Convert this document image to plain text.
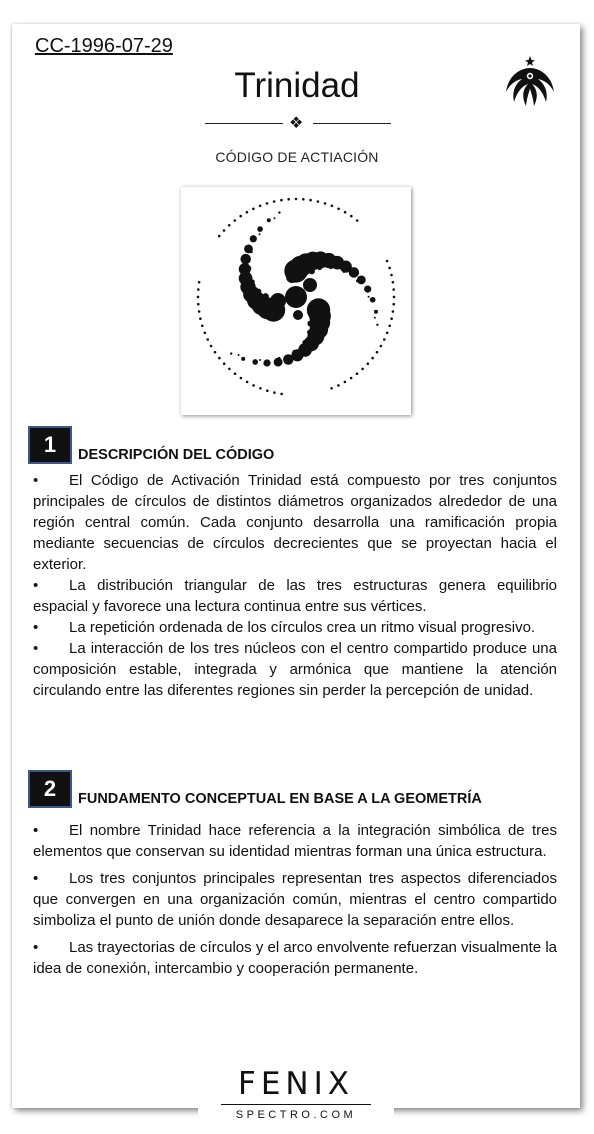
CC-1996-07-29
Trinidad
❖
CÓDIGO DE ACTIACIÓN
1	DESCRIPCIÓN DEL CÓDIGO

• El Código de Activación Trinidad está compuesto por tres conjuntos principales de círculos de distintos diámetros organizados alrededor de una región central común. Cada conjunto desarrolla una ramificación propia mediante secuencias de círculos decrecientes que se proyectan hacia el exterior.

• La distribución triangular de las tres estructuras genera equilibrio espacial y favorece una lectura continua entre sus vértices.

• La repetición ordenada de los círculos crea un ritmo visual progresivo.

• La interacción de los tres núcleos con el centro compartido produce una composición estable, integrada y armónica que mantiene la atención circulando entre las diferentes regiones sin perder la percepción de unidad.

2	FUNDAMENTO CONCEPTUAL EN BASE A LA GEOMETRÍA

• El nombre Trinidad hace referencia a la integración simbólica de tres elementos que conservan su identidad mientras forman una única estructura.

• Los tres conjuntos principales representan tres aspectos diferenciados que convergen en una organización común, mientras el centro compartido simboliza el punto de unión donde desaparece la separación entre ellos.

• Las trayectorias de círculos y el arco envolvente refuerzan visualmente la idea de conexión, intercambio y cooperación permanente.

FENIX
SPECTRO.COM
